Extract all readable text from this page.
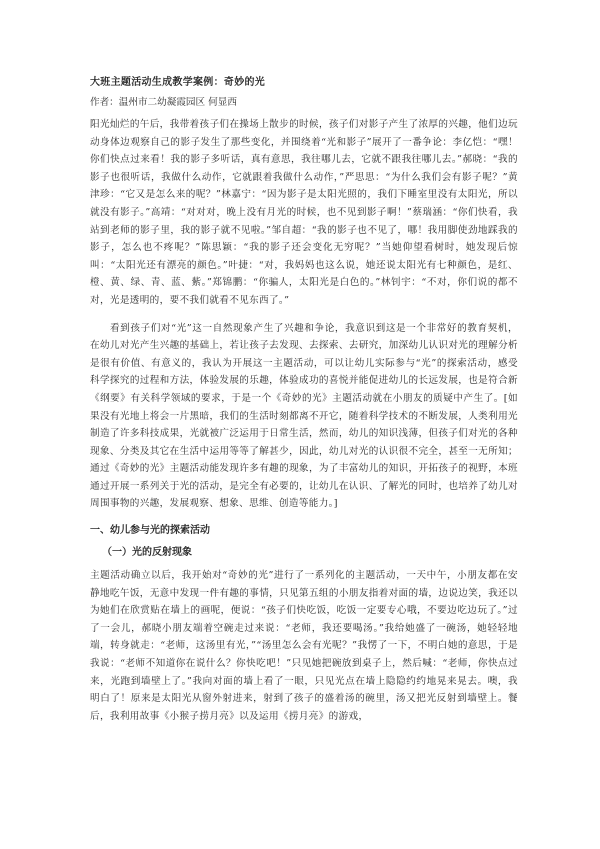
大班主题活动生成教学案例：奇妙的光
作者：温州市二幼凝霞园区 何显西

阳光灿烂的午后，我带着孩子们在操场上散步的时候，孩子们对影子产生了浓厚的兴趣，他们边玩动身体边观察自己的影子发生了那些变化，并围绕着“光和影子”展开了一番争论：李亿恺：“嘿！你们快点过来看！我的影子多听话，真有意思，我往哪儿去，它就不跟我往哪儿去。”郝晓：“我的影子也很听话，我做什么动作，它就跟着我做什么动作，”严思思：“为什么我们会有影子呢？”黄津珍：“它又是怎么来的呢？”林嘉宁：“因为影子是太阳光照的，我们下睡室里没有太阳光，所以就没有影子。”高靖：“对对对，晚上没有月光的时候，也不见到影子啊！”蔡瑞涵：“你们快看，我站到老师的影子里，我的影子就不见啦。”邹自超：“我的影子也不见了，哪！我用脚使劲地踩我的影子，怎么也不疼呢？”陈思颖：“我的影子还会变化无穷呢？”当她仰望看树时，她发现后惊叫：“太阳光还有漂亮的颜色。”叶捷：“对，我妈妈也这么说，她还说太阳光有七种颜色，是红、橙、黄、绿、青、蓝、紫。”郑锦鹏：“你骗人，太阳光是白色的。”林钊宇：“不对，你们说的都不对，光是透明的，要不我们就看不见东西了。”

看到孩子们对“光”这一自然现象产生了兴趣和争论，我意识到这是一个非常好的教育契机，在幼儿对光产生兴趣的基础上，若让孩子去发现、去探索、去研究，加深幼儿认识对光的理解分析是很有价值、有意义的，我认为开展这一主题活动，可以让幼儿实际参与“光”的探索活动，感受科学探究的过程和方法，体验发展的乐趣，体验成功的喜悦并能促进幼儿的长远发展，也是符合新《纲要》有关科学领域的要求，于是一个《奇妙的光》主题活动就在小朋友的质疑中产生了。[如果没有光地上将会一片黑暗，我们的生活时刻都离不开它，随着科学技术的不断发展，人类利用光制造了许多科技成果，光就被广泛运用于日常生活，然而，幼儿的知识浅薄，但孩子们对光的各种现象、分类及其它在生活中运用等等了解甚少，因此，幼儿对光的认识很不完全，甚至一无所知；通过《奇妙的光》主题活动能发现许多有趣的现象，为了丰富幼儿的知识，开拓孩子的视野，本班通过开展一系列关于光的活动，是完全有必要的，让幼儿在认识、了解光的同时，也培养了幼儿对周围事物的兴趣，发展观察、想象、思维、创造等能力。]

一、幼儿参与光的探索活动
（一）光的反射现象

主题活动确立以后，我开始对“奇妙的光”进行了一系列化的主题活动，一天中午，小朋友都在安静地吃午饭，无意中发现一件有趣的事情，只见第五组的小朋友指着对面的墙，边说边笑，我还以为她们在欣赏贴在墙上的画呢，便说：“孩子们快吃饭，吃饭一定要专心哦，不要边吃边玩了。”过了一会儿，郝晓小朋友端着空碗走过来说：“老师，我还要喝汤。”我给她盛了一碗汤，她轻轻地端，转身就走：“老师，这汤里有光，”“汤里怎么会有光呢？”我愣了一下，不明白她的意思，于是我说：“老师不知道你在说什么？你快吃吧！”只见她把碗放到桌子上，然后喊：“老师，你快点过来，光跑到墙壁上了。”我向对面的墙上看了一眼，只见光点在墙上隐隐约约地晃来晃去。噢，我明白了！原来是太阳光从窗外射进来，射到了孩子的盛着汤的碗里，汤又把光反射到墙壁上。餐后，我利用故事《小猴子捞月亮》以及运用《捞月亮》的游戏，
